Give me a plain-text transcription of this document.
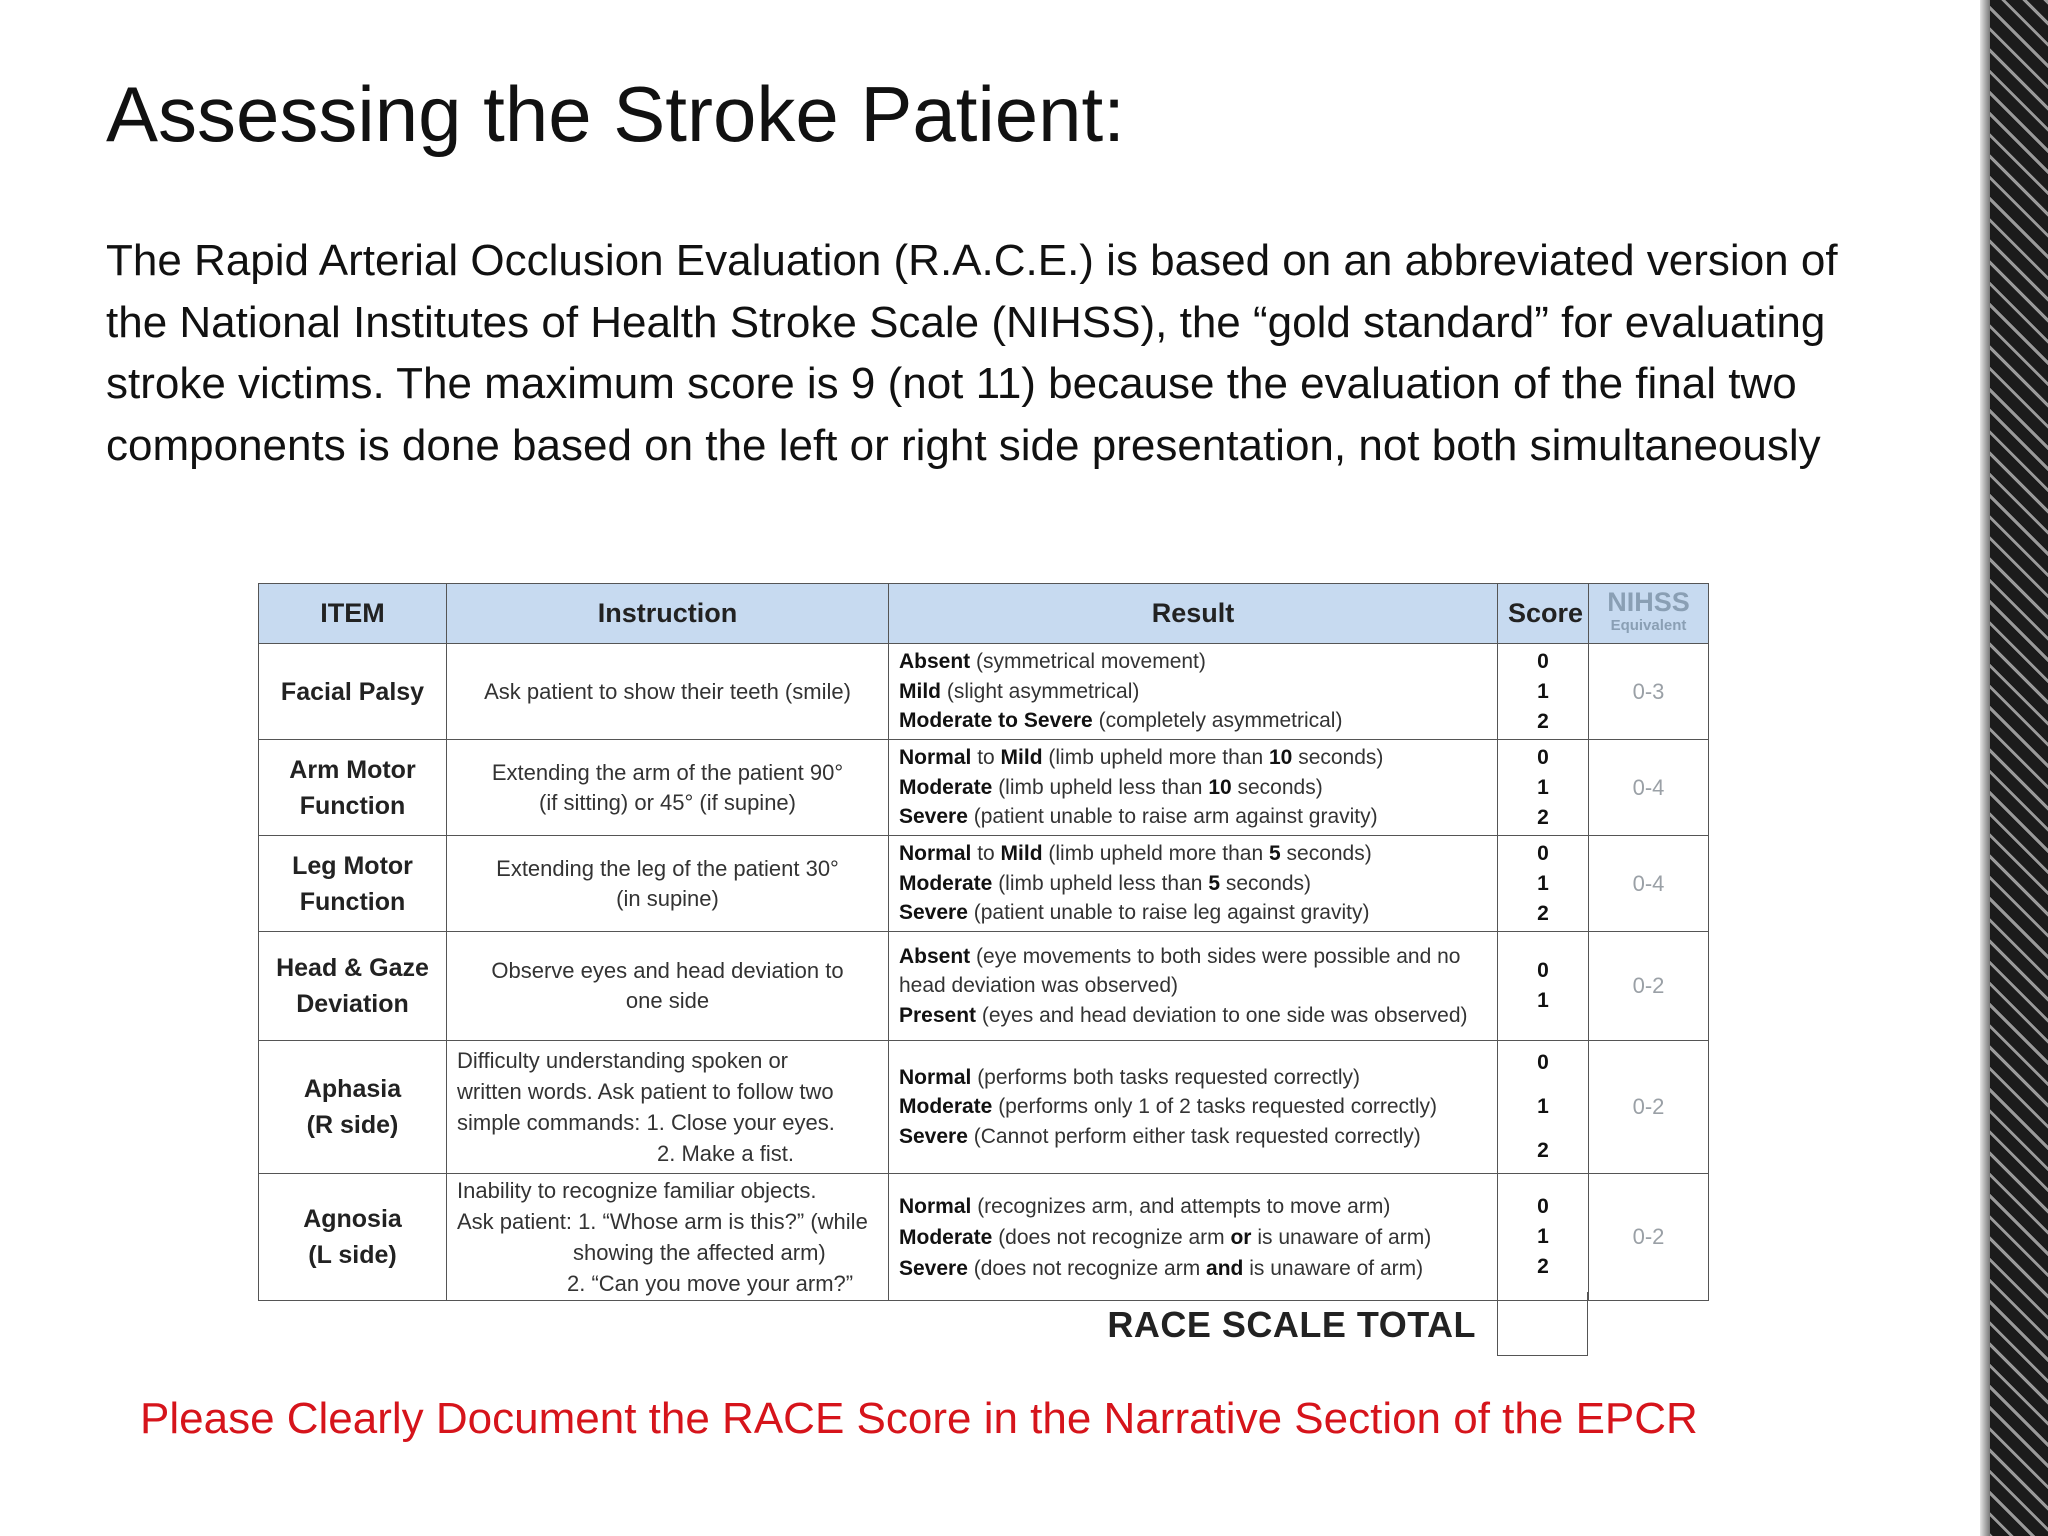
Assessing the Stroke Patient:

The Rapid Arterial Occlusion Evaluation (R.A.C.E.) is based on an abbreviated version of the National Institutes of Health Stroke Scale (NIHSS), the “gold standard” for evaluating stroke victims. The maximum score is 9 (not 11) because the evaluation of the final two components is done based on the left or right side presentation, not both simultaneously

ITEM	Instruction	Result	Score	NIHSS
Equivalent

Facial Palsy	Ask patient to show their teeth (smile)	Absent (symmetrical movement)
Mild (slight asymmetrical)
Moderate to Severe (completely asymmetrical)	0
1
2	0-3
Arm Motor
Function	Extending the arm of the patient 90°
(if sitting) or 45° (if supine)	Normal to Mild (limb upheld more than 10 seconds)
Moderate (limb upheld less than 10 seconds)
Severe (patient unable to raise arm against gravity)	0
1
2	0-4
Leg Motor
Function	Extending the leg of the patient 30°
(in supine)	Normal to Mild (limb upheld more than 5 seconds)
Moderate (limb upheld less than 5 seconds)
Severe (patient unable to raise leg against gravity)	0
1
2	0-4
Head & Gaze
Deviation	Observe eyes and head deviation to
one side	Absent (eye movements to both sides were possible and no
head deviation was observed)
Present (eyes and head deviation to one side was observed)	0
1	0-2
Aphasia
(R side)	Difficulty understanding spoken or
written words. Ask patient to follow two
simple commands: 1. Close your eyes.
2. Make a fist.	Normal (performs both tasks requested correctly)
Moderate (performs only 1 of 2 tasks requested correctly)
Severe (Cannot perform either task requested correctly)	0
1
2	0-2
Agnosia
(L side)	Inability to recognize familiar objects.
Ask patient: 1. “Whose arm is this?” (while
showing the affected arm)
2. “Can you move your arm?”	Normal (recognizes arm, and attempts to move arm)
Moderate (does not recognize arm or is unaware of arm)
Severe (does not recognize arm and is unaware of arm)	0
1
2	0-2
RACE SCALE TOTAL

Please Clearly Document the RACE Score in the Narrative Section of the EPCR
